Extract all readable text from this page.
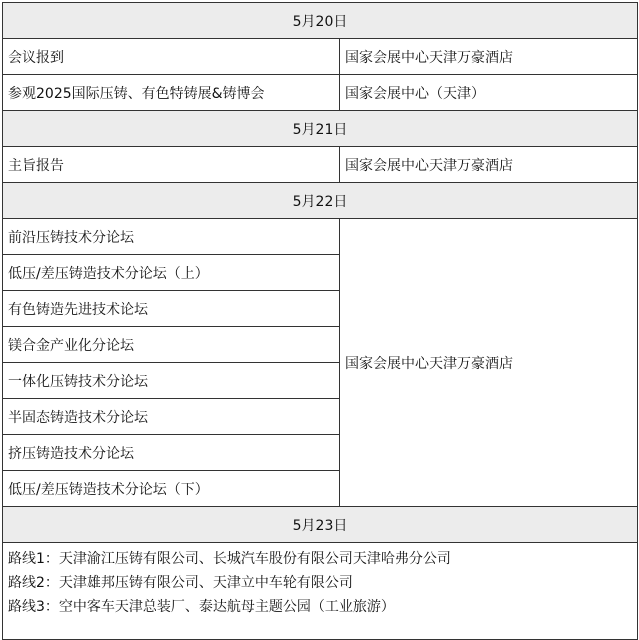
5月20日	
会议报到	国家会展中心天津万豪酒店
参观2025国际压铸、有色特铸展&铸博会	国家会展中心（天津）
5月21日	
主旨报告	国家会展中心天津万豪酒店
5月22日	
前沿压铸技术分论坛	国家会展中心天津万豪酒店
低压/差压铸造技术分论坛（上）	
有色铸造先进技术论坛	
镁合金产业化分论坛	
一体化压铸技术分论坛	
半固态铸造技术分论坛	
挤压铸造技术分论坛	
低压/差压铸造技术分论坛（下）	
5月23日	

路线1：天津渝江压铸有限公司、长城汽车股份有限公司天津哈弗分公司
路线2：天津雄邦压铸有限公司、天津立中车轮有限公司
路线3：空中客车天津总装厂、泰达航母主题公园（工业旅游）	
